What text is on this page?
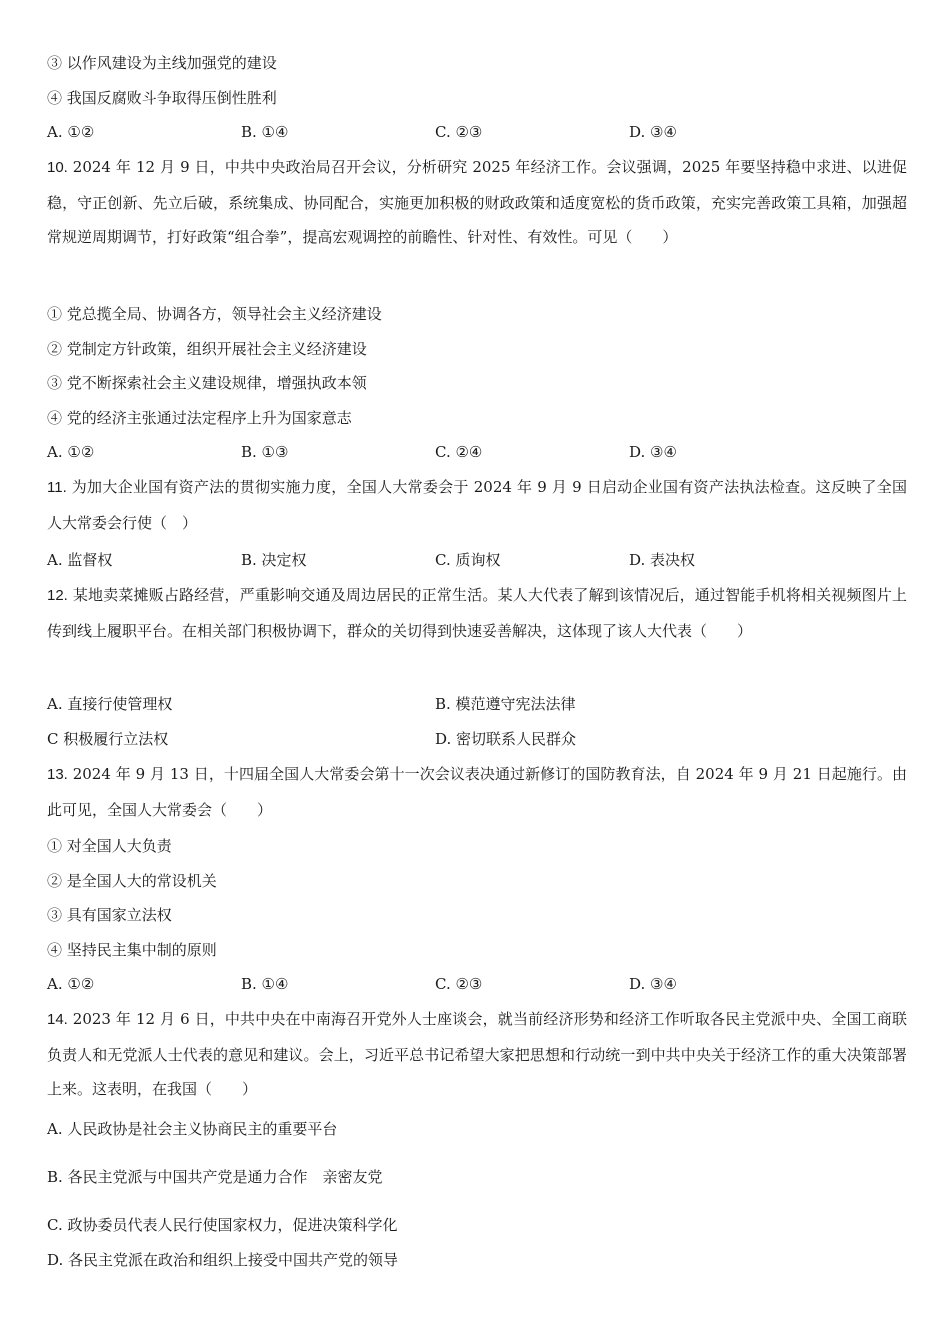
③ 以作风建设为主线加强党的建设
④ 我国反腐败斗争取得压倒性胜利
A. ①②	B. ①④	C. ②③	D. ③④
10. 2024 年 12 月 9 日，中共中央政治局召开会议，分析研究 2025 年经济工作。会议强调，2025 年要坚持稳中求进、以进促稳，守正创新、先立后破，系统集成、协同配合，实施更加积极的财政政策和适度宽松的货币政策，充实完善政策工具箱，加强超常规逆周期调节，打好政策“组合拳”，提高宏观调控的前瞻性、针对性、有效性。可见（　　）
① 党总揽全局、协调各方，领导社会主义经济建设
② 党制定方针政策，组织开展社会主义经济建设
③ 党不断探索社会主义建设规律，增强执政本领
④ 党的经济主张通过法定程序上升为国家意志
A. ①②	B. ①③	C. ②④	D. ③④
11. 为加大企业国有资产法的贯彻实施力度，全国人大常委会于 2024 年 9 月 9 日启动企业国有资产法执法检查。这反映了全国人大常委会行使（　）
A. 监督权	B. 决定权	C. 质询权	D. 表决权
12. 某地卖菜摊贩占路经营，严重影响交通及周边居民的正常生活。某人大代表了解到该情况后，通过智能手机将相关视频图片上传到线上履职平台。在相关部门积极协调下，群众的关切得到快速妥善解决，这体现了该人大代表（　　）
A. 直接行使管理权	B. 模范遵守宪法法律
C 积极履行立法权	D. 密切联系人民群众
13. 2024 年 9 月 13 日，十四届全国人大常委会第十一次会议表决通过新修订的国防教育法，自 2024 年 9 月 21 日起施行。由此可见，全国人大常委会（　　）
① 对全国人大负责
② 是全国人大的常设机关
③ 具有国家立法权
④ 坚持民主集中制的原则
A. ①②	B. ①④	C. ②③	D. ③④
14. 2023 年 12 月 6 日，中共中央在中南海召开党外人士座谈会，就当前经济形势和经济工作听取各民主党派中央、全国工商联负责人和无党派人士代表的意见和建议。会上，习近平总书记希望大家把思想和行动统一到中共中央关于经济工作的重大决策部署上来。这表明，在我国（　　）
A. 人民政协是社会主义协商民主的重要平台
B. 各民主党派与中国共产党是通力合作　亲密友党
C. 政协委员代表人民行使国家权力，促进决策科学化
D. 各民主党派在政治和组织上接受中国共产党的领导
